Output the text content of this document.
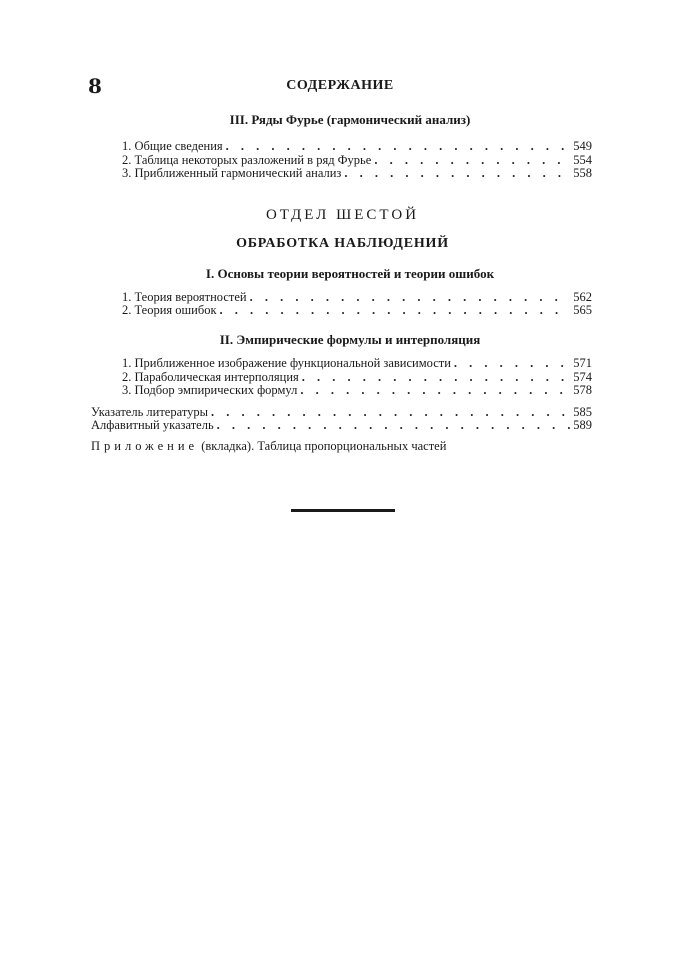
8	СОДЕРЖАНИЕ
III. Ряды Фурье (гармонический анализ)
1. Общие сведения . . .	549
2. Таблица некоторых разложений в ряд Фурье . . .	554
3. Приближенный гармонический анализ . . .	558
ОТДЕЛ ШЕСТОЙ
ОБРАБОТКА НАБЛЮДЕНИЙ
I. Основы теории вероятностей и теории ошибок
1. Теория вероятностей . . .	562
2. Теория ошибок . . .	565
II. Эмпирические формулы и интерполяция
1. Приближенное изображение функциональной зависимости . . .	571
2. Параболическая интерполяция . . .	574
3. Подбор эмпирических формул . . .	578
Указатель литературы . . .	585
Алфавитный указатель . . .	589
Приложение (вкладка). Таблица пропорциональных частей
